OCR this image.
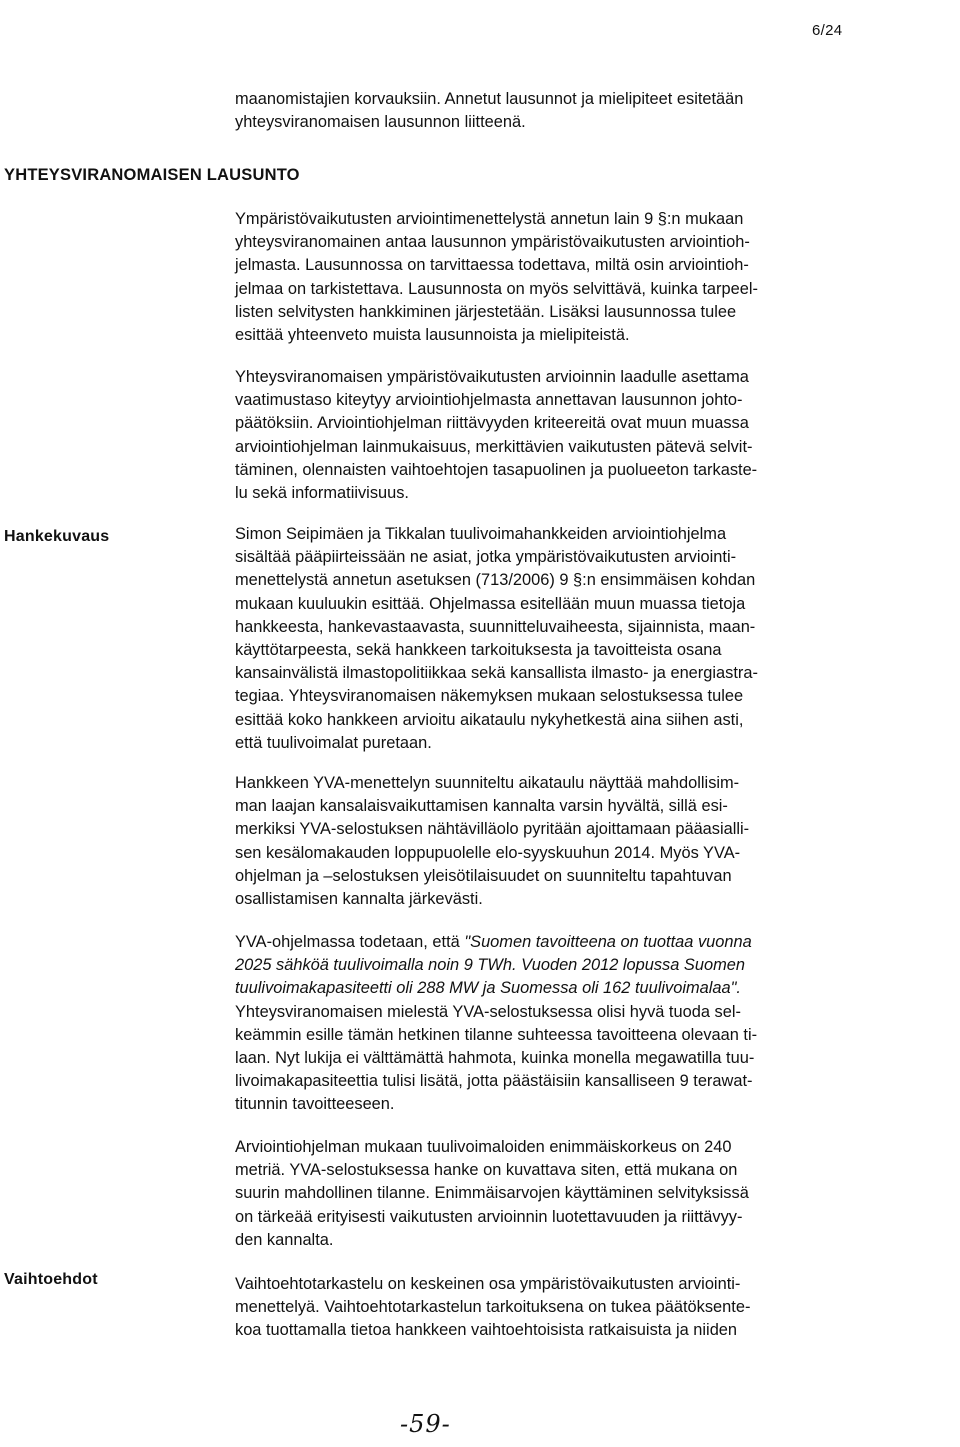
6/24
maanomistajien korvauksiin. Annetut lausunnot ja mielipiteet esitetään
yhteysviranomaisen lausunnon liitteenä.
YHTEYSVIRANOMAISEN LAUSUNTO
Ympäristövaikutusten arviointimenettelystä annetun lain 9 §:n mukaan
yhteysviranomainen antaa lausunnon ympäristövaikutusten arviointioh-
jelmasta. Lausunnossa on tarvittaessa todettava, miltä osin arviointioh-
jelmaa on tarkistettava. Lausunnosta on myös selvittävä, kuinka tarpeel-
listen selvitysten hankkiminen järjestetään. Lisäksi lausunnossa tulee
esittää yhteenveto muista lausunnoista ja mielipiteistä.
Yhteysviranomaisen ympäristövaikutusten arvioinnin laadulle asettama
vaatimustaso kiteytyy arviointiohjelmasta annettavan lausunnon johto-
päätöksiin. Arviointiohjelman riittävyyden kriteereitä ovat muun muassa
arviointiohjelman lainmukaisuus, merkittävien vaikutusten pätevä selvit-
täminen, olennaisten vaihtoehtojen tasapuolinen ja puolueeton tarkaste-
lu sekä informatiivisuus.
Hankekuvaus	Simon Seipimäen ja Tikkalan tuulivoimahankkeiden arviointiohjelma
sisältää pääpiirteissään ne asiat, jotka ympäristövaikutusten arviointi-
menettelystä annetun asetuksen (713/2006) 9 §:n ensimmäisen kohdan
mukaan kuuluukin esittää. Ohjelmassa esitellään muun muassa tietoja
hankkeesta, hankevastaavasta, suunnitteluvaiheesta, sijainnista, maan-
käyttötarpeesta, sekä hankkeen tarkoituksesta ja tavoitteista osana
kansainvälistä ilmastopolitiikkaa sekä kansallista ilmasto- ja energiastra-
tegiaa. Yhteysviranomaisen näkemyksen mukaan selostuksessa tulee
esittää koko hankkeen arvioitu aikataulu nykyhetkestä aina siihen asti,
että tuulivoimalat puretaan.
Hankkeen YVA-menettelyn suunniteltu aikataulu näyttää mahdollisim-
man laajan kansalaisvaikuttamisen kannalta varsin hyvältä, sillä esi-
merkiksi YVA-selostuksen nähtävilläolo pyritään ajoittamaan pääasialli-
sen kesälomakauden loppupuolelle elo-syyskuuhun 2014. Myös YVA-
ohjelman ja –selostuksen yleisötilaisuudet on suunniteltu tapahtuvan
osallistamisen kannalta järkevästi.
YVA-ohjelmassa todetaan, että "Suomen tavoitteena on tuottaa vuonna
2025 sähköä tuulivoimalla noin 9 TWh. Vuoden 2012 lopussa Suomen
tuulivoimakapasiteetti oli 288 MW ja Suomessa oli 162 tuulivoimalaa".
Yhteysviranomaisen mielestä YVA-selostuksessa olisi hyvä tuoda sel-
keämmin esille tämän hetkinen tilanne suhteessa tavoitteena olevaan ti-
laan. Nyt lukija ei välttämättä hahmota, kuinka monella megawatilla tuu-
livoimakapasiteettia tulisi lisätä, jotta päästäisiin kansalliseen 9 terawat-
titunnin tavoitteeseen.
Arviointiohjelman mukaan tuulivoimaloiden enimmäiskorkeus on 240
metriä. YVA-selostuksessa hanke on kuvattava siten, että mukana on
suurin mahdollinen tilanne. Enimmäisarvojen käyttäminen selvityksissä
on tärkeää erityisesti vaikutusten arvioinnin luotettavuuden ja riittävyy-
den kannalta.
Vaihtoehdot	Vaihtoehtotarkastelu on keskeinen osa ympäristövaikutusten arviointi-
menettelyä. Vaihtoehtotarkastelun tarkoituksena on tukea päätöksente-
koa tuottamalla tietoa hankkeen vaihtoehtoisista ratkaisuista ja niiden
-59-
